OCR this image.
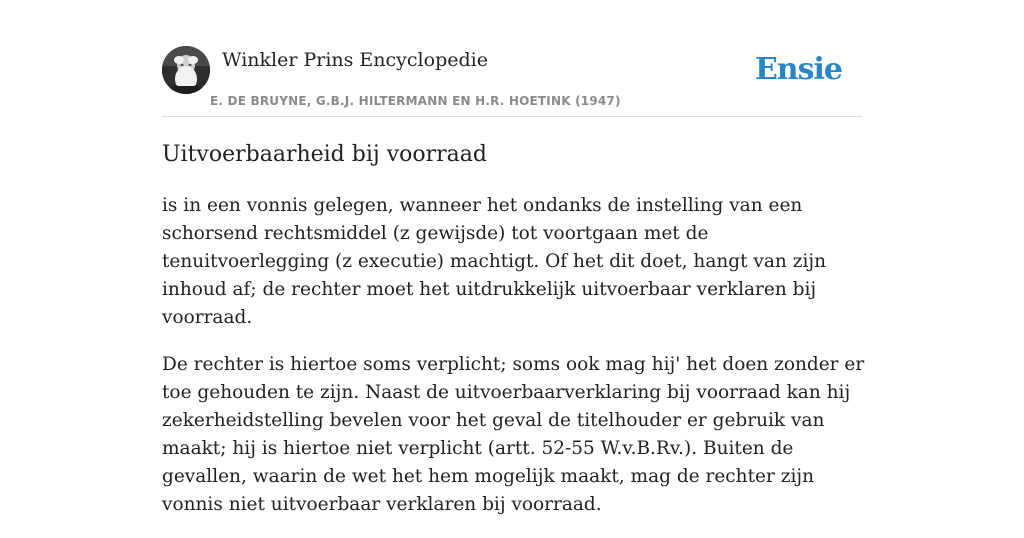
Winkler Prins Encyclopedie
E. DE BRUYNE, G.B.J. HILTERMANN EN H.R. HOETINK (1947)
Ensie
Uitvoerbaarheid bij voorraad

is in een vonnis gelegen, wanneer het ondanks de instelling van een schorsend rechtsmiddel (z gewijsde) tot voortgaan met de tenuitvoerlegging (z executie) machtigt. Of het dit doet, hangt van zijn inhoud af; de rechter moet het uitdrukkelijk uitvoerbaar verklaren bij voorraad.

De rechter is hiertoe soms verplicht; soms ook mag hij' het doen zonder er toe gehouden te zijn. Naast de uitvoerbaarverklaring bij voorraad kan hij zekerheidstelling bevelen voor het geval de titelhouder er gebruik van maakt; hij is hiertoe niet verplicht (artt. 52-55 W.v.B.Rv.). Buiten de gevallen, waarin de wet het hem mogelijk maakt, mag de rechter zijn vonnis niet uitvoerbaar verklaren bij voorraad.
